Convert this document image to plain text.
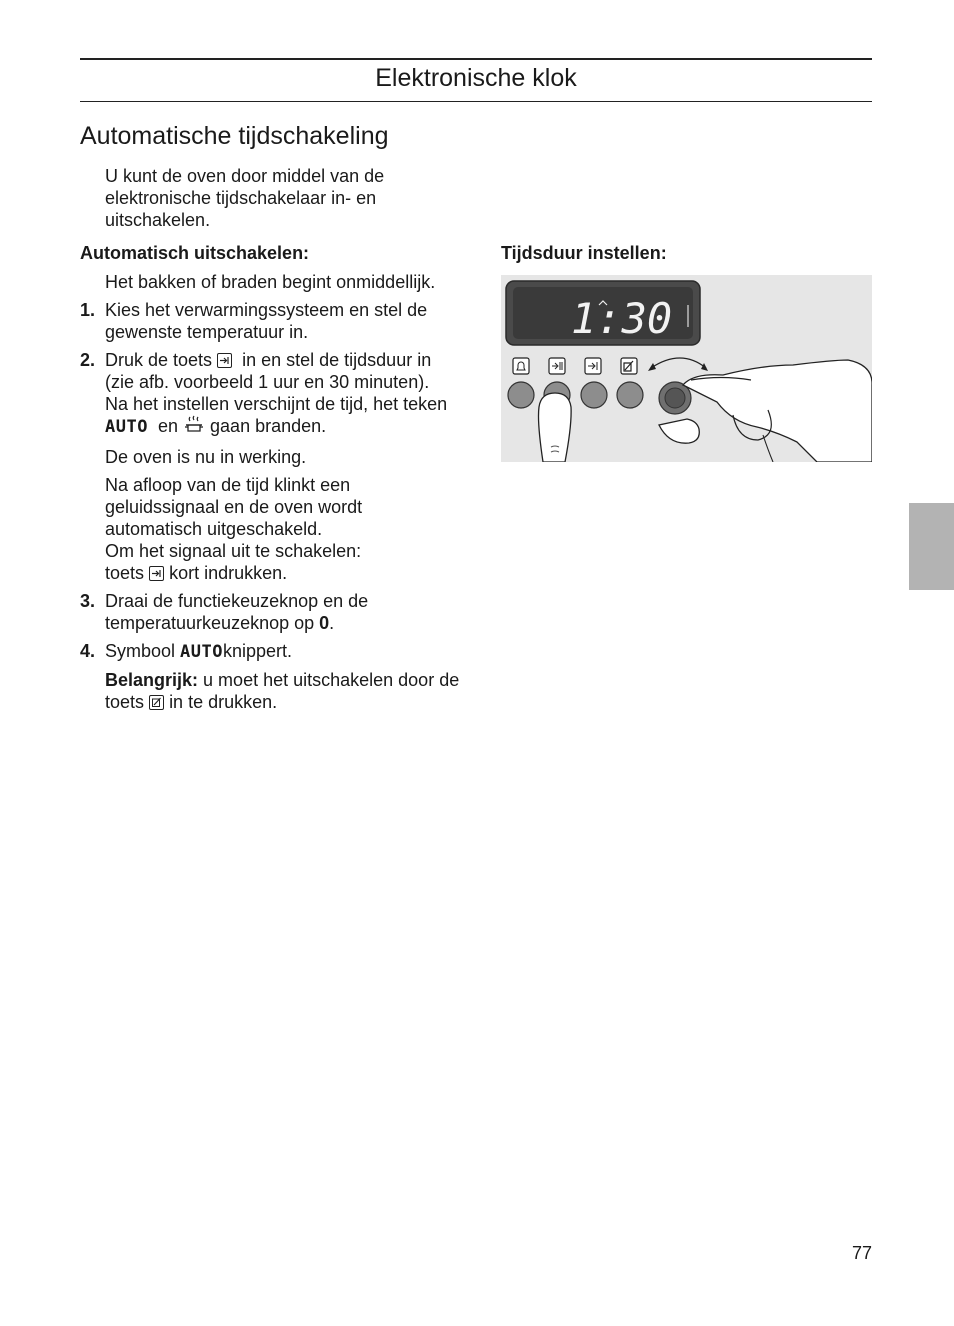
Elektronische klok
Automatische tijdschakeling

U kunt de oven door middel van de elektronische tijdschakelaar in- en uitschakelen.

Automatisch uitschakelen:

Het bakken of braden begint onmiddellijk.

1. Kies het verwarmingssysteem en stel de gewenste temperatuur in.
2. Druk de toets in en stel de tijdsduur in (zie afb. voorbeeld 1 uur en 30 minuten).
Na het instellen verschijnt de tijd, het teken AUTO en gaan branden.

De oven is nu in werking.

Na afloop van de tijd klinkt een geluidssignaal en de oven wordt automatisch uitgeschakeld.

Om het signaal uit te schakelen:

toets kort indrukken.

3. Draai de functiekeuzeknop en de temperatuurkeuzeknop op 0.
4. Symbool AUTOknippert.

Belangrijk: u moet het uitschakelen door de toets in te drukken.

Tijdsduur instellen:
1:30
77
